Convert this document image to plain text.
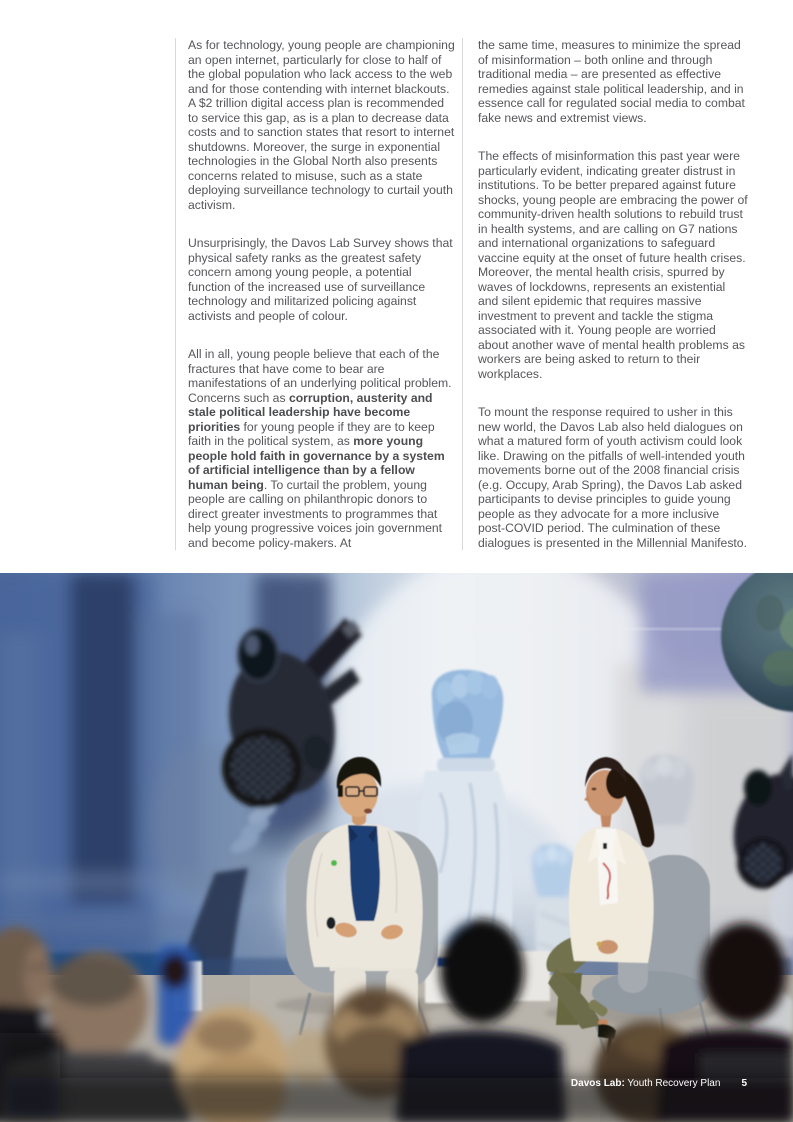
As for technology, young people are championing an open internet, particularly for close to half of the global population who lack access to the web and for those contending with internet blackouts. A $2 trillion digital access plan is recommended to service this gap, as is a plan to decrease data costs and to sanction states that resort to internet shutdowns. Moreover, the surge in exponential technologies in the Global North also presents concerns related to misuse, such as a state deploying surveillance technology to curtail youth activism.

Unsurprisingly, the Davos Lab Survey shows that physical safety ranks as the greatest safety concern among young people, a potential function of the increased use of surveillance technology and militarized policing against activists and people of colour.

All in all, young people believe that each of the fractures that have come to bear are manifestations of an underlying political problem. Concerns such as corruption, austerity and stale political leadership have become priorities for young people if they are to keep faith in the political system, as more young people hold faith in governance by a system of artificial intelligence than by a fellow human being. To curtail the problem, young people are calling on philanthropic donors to direct greater investments to programmes that help young progressive voices join government and become policy-makers. At

the same time, measures to minimize the spread of misinformation – both online and through traditional media – are presented as effective remedies against stale political leadership, and in essence call for regulated social media to combat fake news and extremist views.

The effects of misinformation this past year were particularly evident, indicating greater distrust in institutions. To be better prepared against future shocks, young people are embracing the power of community-driven health solutions to rebuild trust in health systems, and are calling on G7 nations and international organizations to safeguard vaccine equity at the onset of future health crises. Moreover, the mental health crisis, spurred by waves of lockdowns, represents an existential and silent epidemic that requires massive investment to prevent and tackle the stigma associated with it. Young people are worried about another wave of mental health problems as workers are being asked to return to their workplaces.

To mount the response required to usher in this new world, the Davos Lab also held dialogues on what a matured form of youth activism could look like. Drawing on the pitfalls of well-intended youth movements borne out of the 2008 financial crisis (e.g. Occupy, Arab Spring), the Davos Lab asked participants to devise principles to guide young people as they advocate for a more inclusive post-COVID period. The culmination of these dialogues is presented in the Millennial Manifesto.

Davos Lab: Youth Recovery Plan 5
